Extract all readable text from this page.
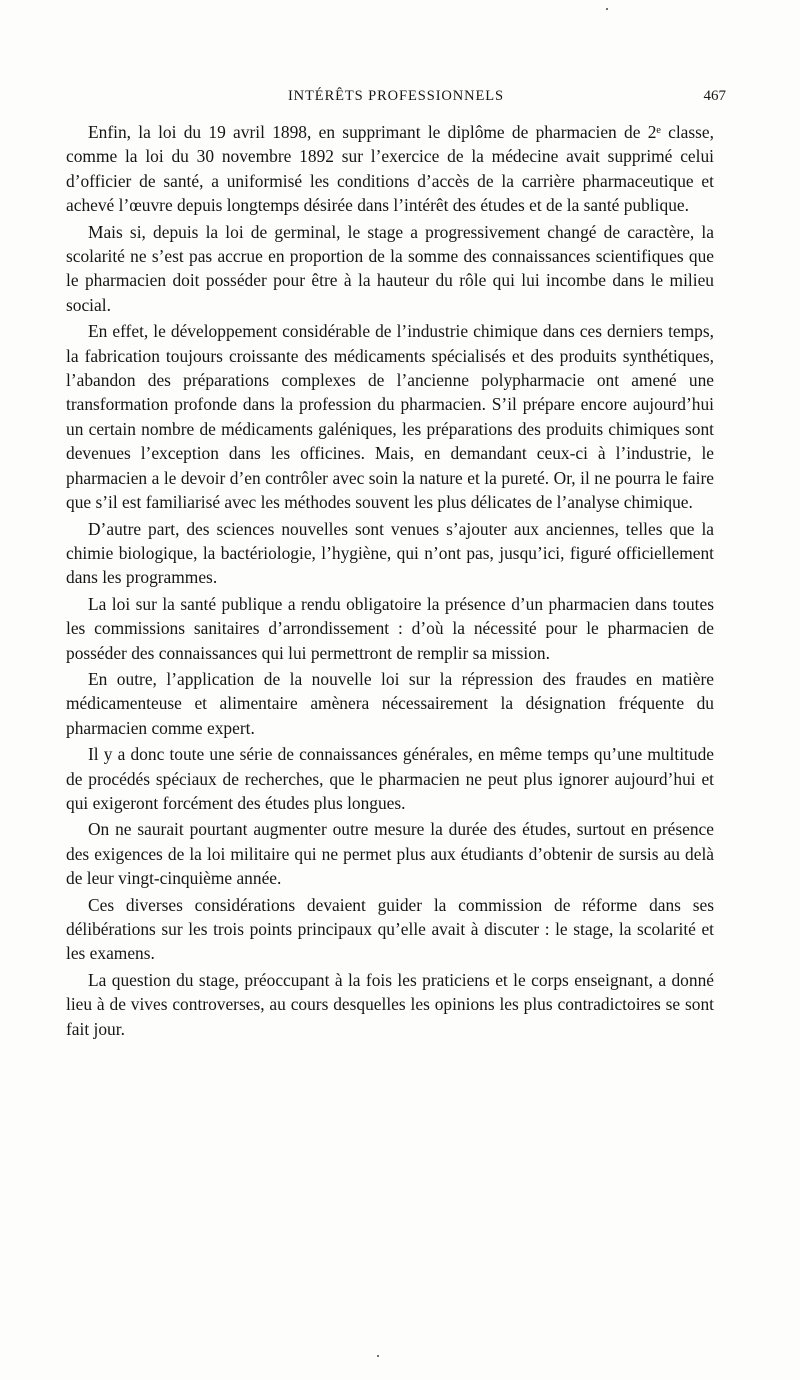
INTÉRÊTS PROFESSIONNELS	467

Enfin, la loi du 19 avril 1898, en supprimant le diplôme de pharmacien de 2ᵉ classe, comme la loi du 30 novembre 1892 sur l’exercice de la médecine avait supprimé celui d’officier de santé, a uniformisé les conditions d’accès de la carrière pharmaceutique et achevé l’œuvre depuis longtemps désirée dans l’intérêt des études et de la santé publique.

Mais si, depuis la loi de germinal, le stage a progressivement changé de caractère, la scolarité ne s’est pas accrue en proportion de la somme des connaissances scientifiques que le pharmacien doit posséder pour être à la hauteur du rôle qui lui incombe dans le milieu social.

En effet, le développement considérable de l’industrie chimique dans ces derniers temps, la fabrication toujours croissante des médicaments spécialisés et des produits synthétiques, l’abandon des préparations complexes de l’ancienne polypharmacie ont amené une transformation profonde dans la profession du pharmacien. S’il prépare encore aujourd’hui un certain nombre de médicaments galéniques, les préparations des produits chimiques sont devenues l’exception dans les officines. Mais, en demandant ceux-ci à l’industrie, le pharmacien a le devoir d’en contrôler avec soin la nature et la pureté. Or, il ne pourra le faire que s’il est familiarisé avec les méthodes souvent les plus délicates de l’analyse chimique.

D’autre part, des sciences nouvelles sont venues s’ajouter aux anciennes, telles que la chimie biologique, la bactériologie, l’hygiène, qui n’ont pas, jusqu’ici, figuré officiellement dans les programmes.

La loi sur la santé publique a rendu obligatoire la présence d’un pharmacien dans toutes les commissions sanitaires d’arrondissement : d’où la nécessité pour le pharmacien de posséder des connaissances qui lui permettront de remplir sa mission.

En outre, l’application de la nouvelle loi sur la répression des fraudes en matière médicamenteuse et alimentaire amènera nécessairement la désignation fréquente du pharmacien comme expert.

Il y a donc toute une série de connaissances générales, en même temps qu’une multitude de procédés spéciaux de recherches, que le pharmacien ne peut plus ignorer aujourd’hui et qui exigeront forcément des études plus longues.

On ne saurait pourtant augmenter outre mesure la durée des études, surtout en présence des exigences de la loi militaire qui ne permet plus aux étudiants d’obtenir de sursis au delà de leur vingt-cinquième année.

Ces diverses considérations devaient guider la commission de réforme dans ses délibérations sur les trois points principaux qu’elle avait à discuter : le stage, la scolarité et les examens.

La question du stage, préoccupant à la fois les praticiens et le corps enseignant, a donné lieu à de vives controverses, au cours desquelles les opinions les plus contradictoires se sont fait jour.
